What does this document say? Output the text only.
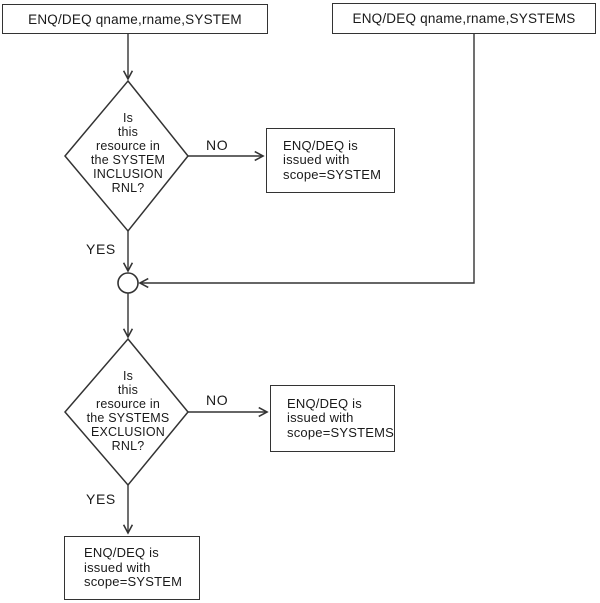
ENQ/DEQ qname,rname,SYSTEM	ENQ/DEQ qname,rname,SYSTEMS
Is
this
resource in
the SYSTEM
INCLUSION
RNL?
NO
YES
ENQ/DEQ is
issued with
scope=SYSTEM
Is
this
resource in
the SYSTEMS
EXCLUSION
RNL?
NO
YES
ENQ/DEQ is
issued with
scope=SYSTEMS
ENQ/DEQ is
issued with
scope=SYSTEM
